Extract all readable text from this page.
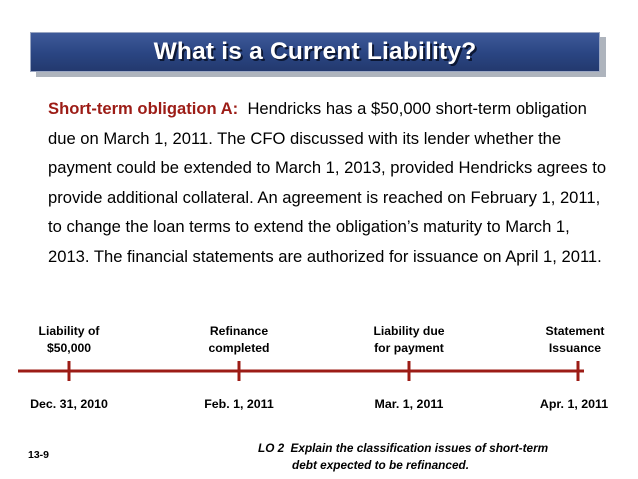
What is a Current Liability?
Short-term obligation A: Hendricks has a $50,000 short-term obligation due on March 1, 2011. The CFO discussed with its lender whether the payment could be extended to March 1, 2013, provided Hendricks agrees to provide additional collateral. An agreement is reached on February 1, 2011, to change the loan terms to extend the obligation’s maturity to March 1, 2013. The financial statements are authorized for issuance on April 1, 2011.
Liability of
$50,000
Refinance
completed
Liability due
for payment
Statement
Issuance
Dec. 31, 2010	Feb. 1, 2011	Mar. 1, 2011	Apr. 1, 2011
13-9	LO 2 Explain the classification issues of short-term
debt expected to be refinanced.
